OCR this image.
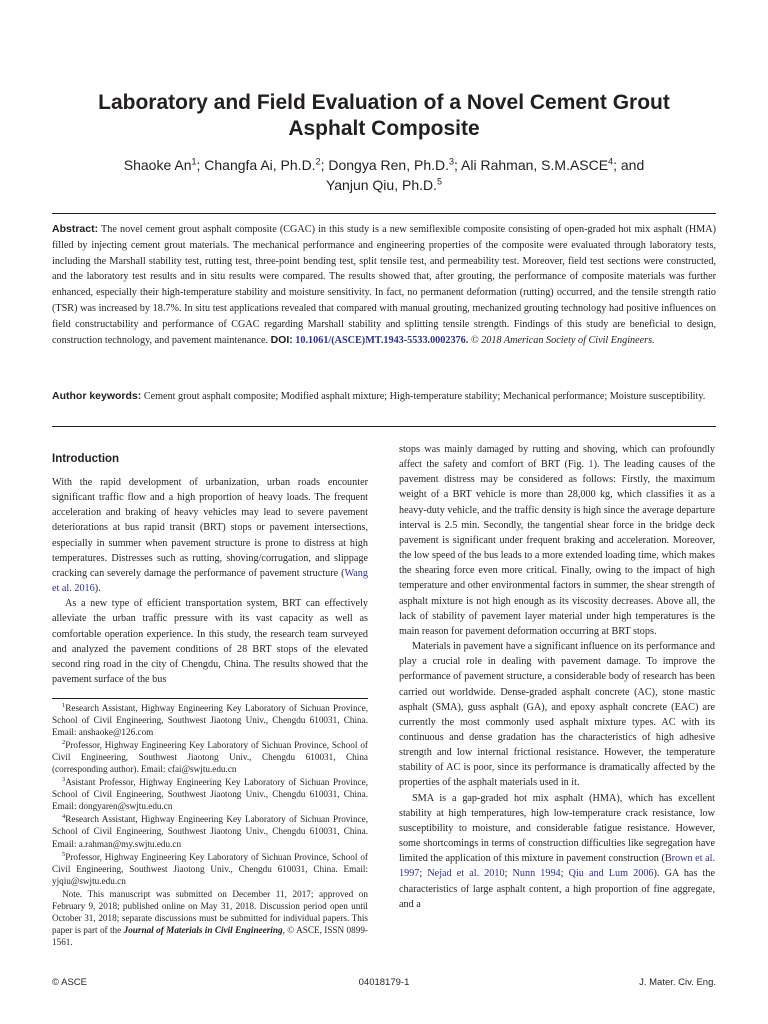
Laboratory and Field Evaluation of a Novel Cement Grout Asphalt Composite

Shaoke An$^1$; Changfa Ai, Ph.D.$^2$; Dongya Ren, Ph.D.$^3$; Ali Rahman, S.M.ASCE$^4$; and
Yanjun Qiu, Ph.D.$^5$

Abstract: The novel cement grout asphalt composite (CGAC) in this study is a new semiflexible composite consisting of open-graded hot mix asphalt (HMA) filled by injecting cement grout materials. The mechanical performance and engineering properties of the composite were evaluated through laboratory tests, including the Marshall stability test, rutting test, three-point bending test, split tensile test, and permeability test. Moreover, field test sections were constructed, and the laboratory test results and in situ results were compared. The results showed that, after grouting, the performance of composite materials was further enhanced, especially their high-temperature stability and moisture sensitivity. In fact, no permanent deformation (rutting) occurred, and the tensile strength ratio (TSR) was increased by 18.7%. In situ test applications revealed that compared with manual grouting, mechanized grouting technology had positive influences on field constructability and performance of CGAC regarding Marshall stability and splitting tensile strength. Findings of this study are beneficial to design, construction technology, and pavement maintenance. DOI: 10.1061/(ASCE)MT.1943-5533.0002376. © 2018 American Society of Civil Engineers.

Author keywords: Cement grout asphalt composite; Modified asphalt mixture; High-temperature stability; Mechanical performance; Moisture susceptibility.

Introduction

With the rapid development of urbanization, urban roads encounter significant traffic flow and a high proportion of heavy loads. The frequent acceleration and braking of heavy vehicles may lead to severe pavement deteriorations at bus rapid transit (BRT) stops or pavement intersections, especially in summer when pavement structure is prone to distress at high temperatures. Distresses such as rutting, shoving/corrugation, and slippage cracking can severely damage the performance of pavement structure (Wang et al. 2016).

As a new type of efficient transportation system, BRT can effectively alleviate the urban traffic pressure with its vast capacity as well as comfortable operation experience. In this study, the research team surveyed and analyzed the pavement conditions of 28 BRT stops of the elevated second ring road in the city of Chengdu, China. The results showed that the pavement surface of the bus

$^1$Research Assistant, Highway Engineering Key Laboratory of Sichuan Province, School of Civil Engineering, Southwest Jiaotong Univ., Chengdu 610031, China. Email: anshaoke@126.com

$^2$Professor, Highway Engineering Key Laboratory of Sichuan Province, School of Civil Engineering, Southwest Jiaotong Univ., Chengdu 610031, China (corresponding author). Email: cfai@swjtu.edu.cn

$^3$Asistant Professor, Highway Engineering Key Laboratory of Sichuan Province, School of Civil Engineering, Southwest Jiaotong Univ., Chengdu 610031, China. Email: dongyaren@swjtu.edu.cn

$^4$Research Assistant, Highway Engineering Key Laboratory of Sichuan Province, School of Civil Engineering, Southwest Jiaotong Univ., Chengdu 610031, China. Email: a.rahman@my.swjtu.edu.cn

$^5$Professor, Highway Engineering Key Laboratory of Sichuan Province, School of Civil Engineering, Southwest Jiaotong Univ., Chengdu 610031, China. Email: yjqiu@swjtu.edu.cn

Note. This manuscript was submitted on December 11, 2017; approved on February 9, 2018; published online on May 31, 2018. Discussion period open until October 31, 2018; separate discussions must be submitted for individual papers. This paper is part of the Journal of Materials in Civil Engineering, © ASCE, ISSN 0899-1561.

stops was mainly damaged by rutting and shoving, which can profoundly affect the safety and comfort of BRT (Fig. 1). The leading causes of the pavement distress may be considered as follows: Firstly, the maximum weight of a BRT vehicle is more than 28,000 kg, which classifies it as a heavy-duty vehicle, and the traffic density is high since the average departure interval is 2.5 min. Secondly, the tangential shear force in the bridge deck pavement is significant under frequent braking and acceleration. Moreover, the low speed of the bus leads to a more extended loading time, which makes the shearing force even more critical. Finally, owing to the impact of high temperature and other environmental factors in summer, the shear strength of asphalt mixture is not high enough as its viscosity decreases. Above all, the lack of stability of pavement layer material under high temperatures is the main reason for pavement deformation occurring at BRT stops.

Materials in pavement have a significant influence on its performance and play a crucial role in dealing with pavement damage. To improve the performance of pavement structure, a considerable body of research has been carried out worldwide. Dense-graded asphalt concrete (AC), stone mastic asphalt (SMA), guss asphalt (GA), and epoxy asphalt concrete (EAC) are currently the most commonly used asphalt mixture types. AC with its continuous and dense gradation has the characteristics of high adhesive strength and low internal frictional resistance. However, the temperature stability of AC is poor, since its performance is dramatically affected by the properties of the asphalt materials used in it.

SMA is a gap-graded hot mix asphalt (HMA), which has excellent stability at high temperatures, high low-temperature crack resistance, low susceptibility to moisture, and considerable fatigue resistance. However, some shortcomings in terms of construction difficulties like segregation have limited the application of this mixture in pavement construction (Brown et al. 1997; Nejad et al. 2010; Nunn 1994; Qiu and Lum 2006). GA has the characteristics of large asphalt content, a high proportion of fine aggregate, and a

© ASCE	04018179-1	J. Mater. Civ. Eng.
